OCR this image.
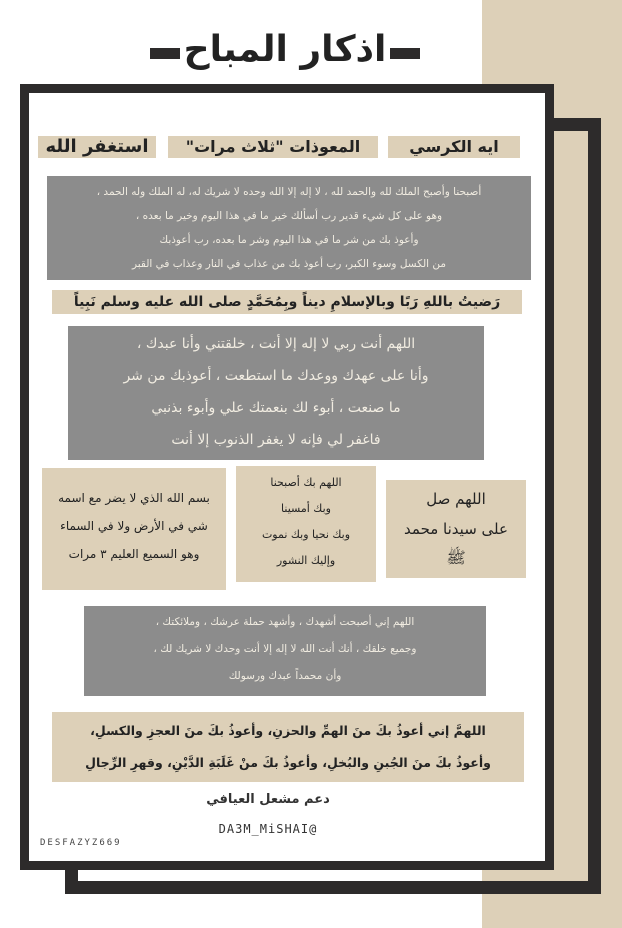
اذكار المباح
ايه الكرسي
المعوذات "ثلاث مرات"
استغفر الله
أصبحنا وأصبح الملك لله والحمد لله ، لا إله إلا الله وحده لا شريك له، له الملك وله الحمد ،
وهو على كل شيء قدير رب أسألك خير ما في هذا اليوم وخير ما بعده ،
وأعوذ بك من شر ما في هذا اليوم وشر ما بعده، رب أعوذبك
من الكسل وسوء الكبر، رب أعوذ بك من عذاب في النار وعذاب في القبر
رَضيتُ باللهِ رَبًا وبالإسلامِ ديناً وبِمُحَمَّدٍ صلى الله عليه وسلم نَبِياً
اللهم أنت ربي لا إله إلا أنت ، خلقتني وأنا عبدك ،
وأنا على عهدك ووعدك ما استطعت ، أعوذبك من شر
ما صنعت ، أبوء لك بنعمتك علي وأبوء بذنبي
فاغفر لي فإنه لا يغفر الذنوب إلا أنت
بسم الله الذي لا يضر مع اسمه
شي في الأرض ولا في السماء
وهو السميع العليم ٣ مرات
اللهم بك أصبحنا
وبك أمسينا
وبك نحيا وبك نموت
وإليك النشور
اللهم صل
على سيدنا محمد
ﷺ
اللهم إني أصبحت أشهدك ، وأشهد حملة عرشك ، وملائكتك ،
وجميع خلقك ، أنك أنت الله لا إله إلا أنت وحدك لا شريك لك ،
وأن محمداً عبدك ورسولك
اللهمَّ إني أعوذُ بكَ منَ الهمِّ والحزنِ، وأعوذُ بكَ منَ العجزِ والكسلِ،
وأعوذُ بكَ منَ الجُبنِ والبُخلِ، وأعوذُ بكَ منْ غَلَبَةِ الدَّيْنِ، وقهرِ الرِّجالِ
دعم مشعل العيافي
DA3M_MiSHAI@
DESFAZYZ669
